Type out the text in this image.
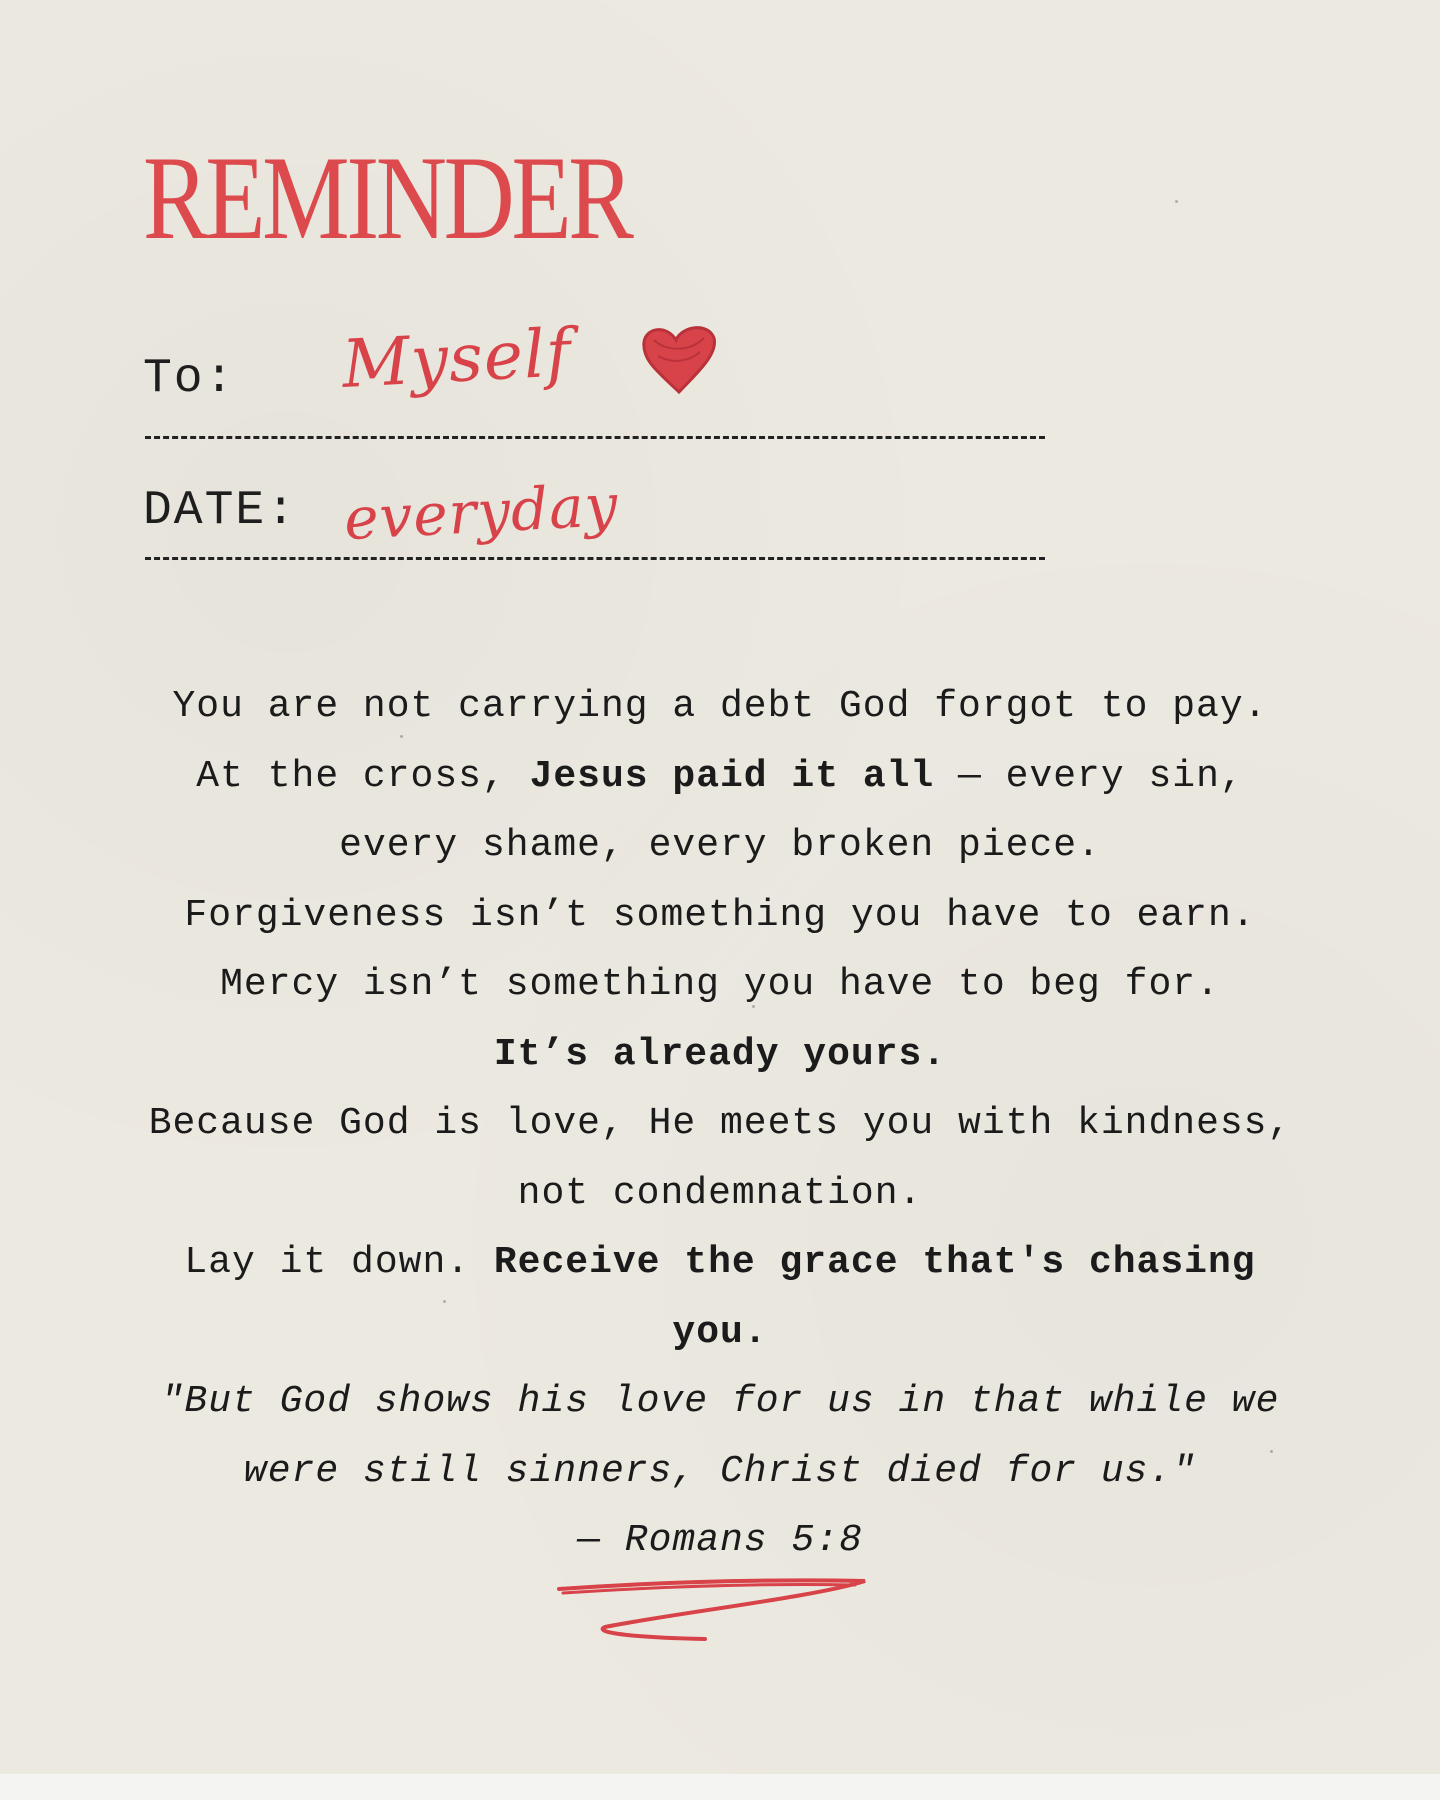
REMINDER
To: Myself
DATE: everyday

You are not carrying a debt God forgot to pay.

At the cross, Jesus paid it all — every sin,

every shame, every broken piece.

Forgiveness isn’t something you have to earn.

Mercy isn’t something you have to beg for.

It’s already yours.

Because God is love, He meets you with kindness,

not condemnation.

Lay it down. Receive the grace that's chasing

you.

"But God shows his love for us in that while we

were still sinners, Christ died for us."

— Romans 5:8
